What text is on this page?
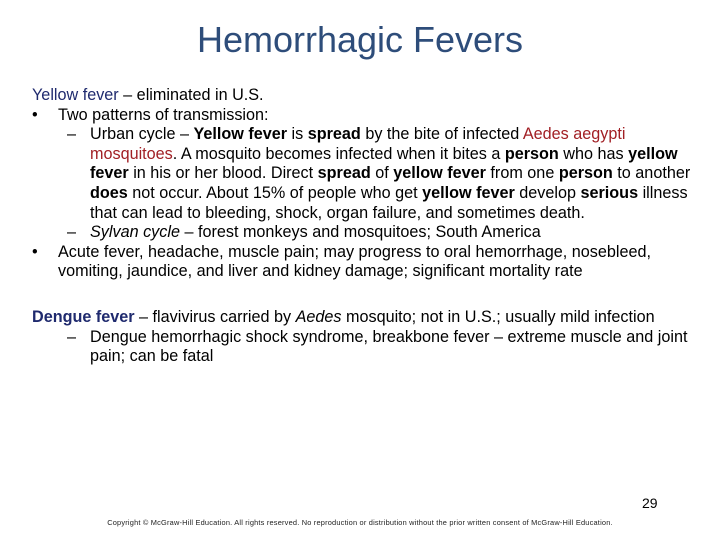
Hemorrhagic Fevers

Yellow fever – eliminated in U.S.

• Two patterns of transmission:

– Urban cycle – Yellow fever is spread by the bite of infected Aedes aegypti mosquitoes. A mosquito becomes infected when it bites a person who has yellow fever in his or her blood. Direct spread of yellow fever from one person to another does not occur. About 15% of people who get yellow fever develop serious illness that can lead to bleeding, shock, organ failure, and sometimes death.

– Sylvan cycle – forest monkeys and mosquitoes; South America

• Acute fever, headache, muscle pain; may progress to oral hemorrhage, nosebleed, vomiting, jaundice, and liver and kidney damage; significant mortality rate

Dengue fever – flavivirus carried by Aedes mosquito; not in U.S.; usually mild infection

– Dengue hemorrhagic shock syndrome, breakbone fever – extreme muscle and joint pain; can be fatal

29
Copyright © McGraw-Hill Education. All rights reserved. No reproduction or distribution without the prior written consent of McGraw-Hill Education.
